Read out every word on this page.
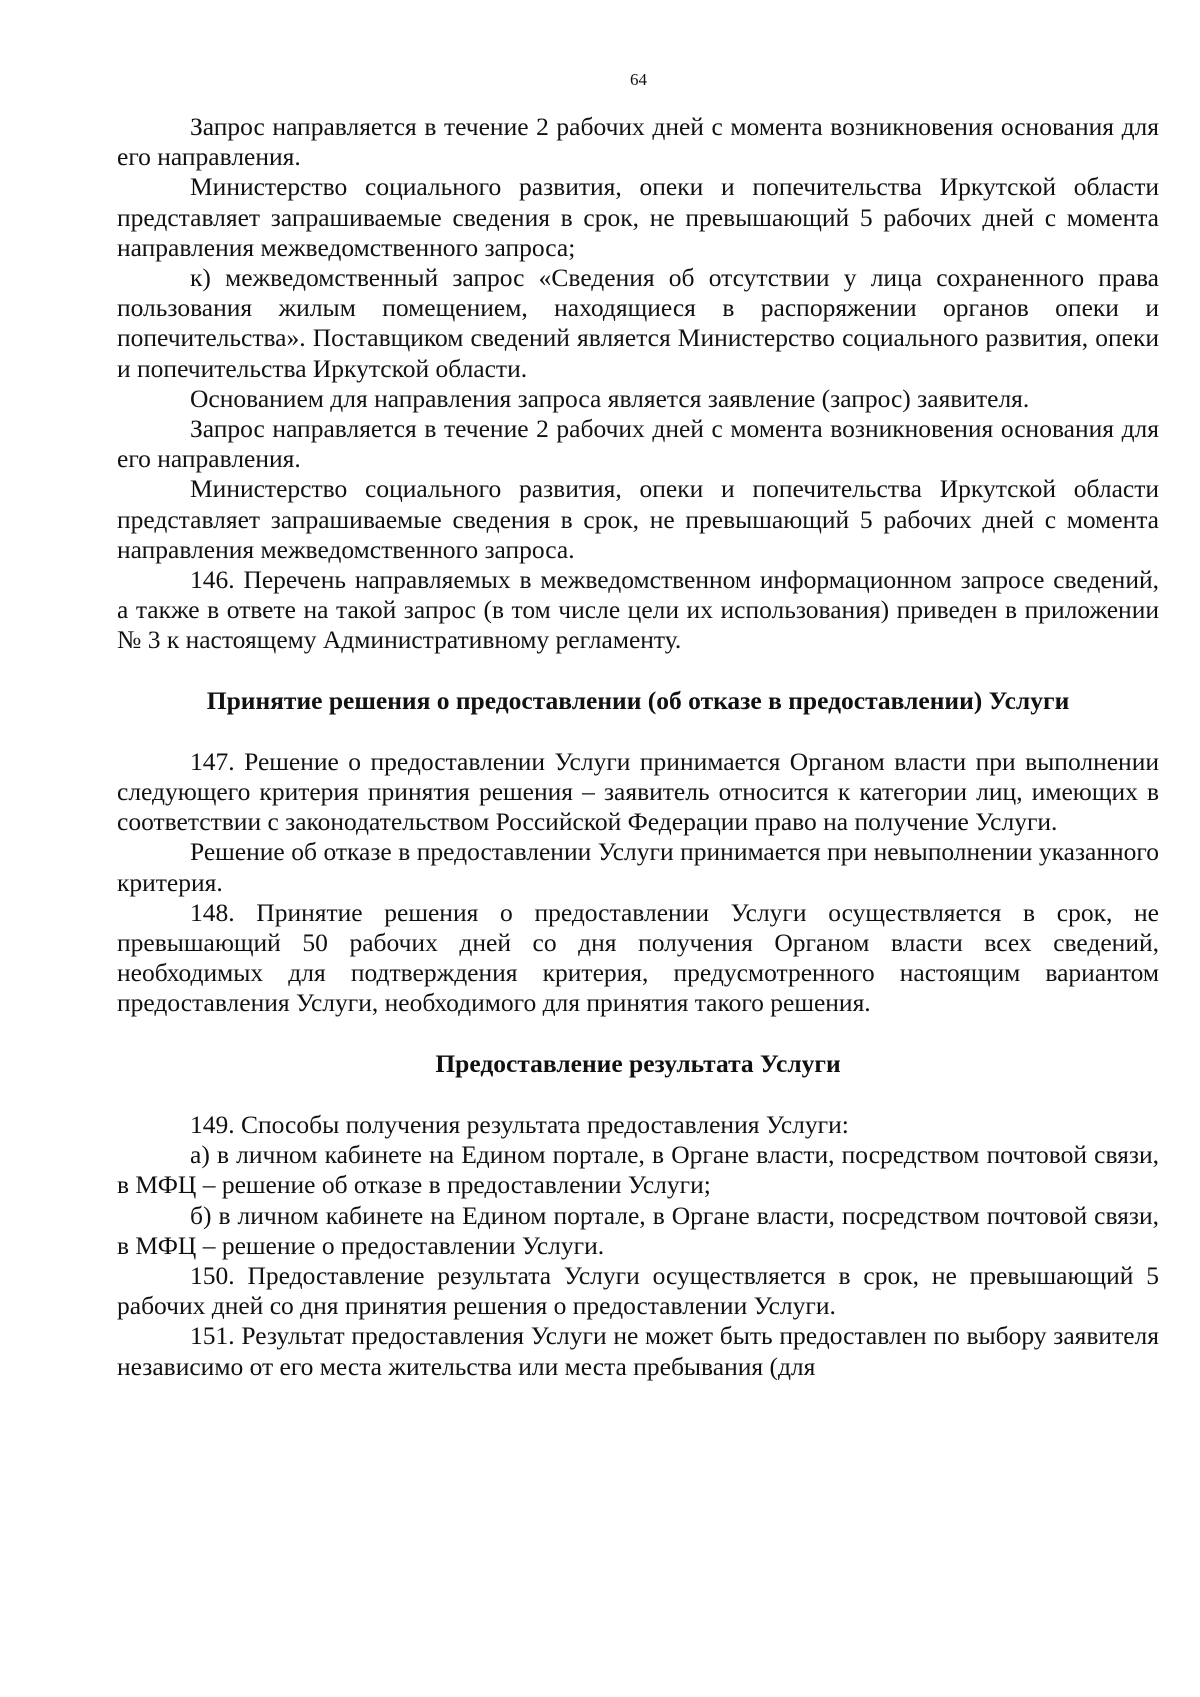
64

Запрос направляется в течение 2 рабочих дней с момента возникновения основания для его направления.

Министерство социального развития, опеки и попечительства Иркутской области представляет запрашиваемые сведения в срок, не превышающий 5 рабочих дней с момента направления межведомственного запроса;

к) межведомственный запрос «Сведения об отсутствии у лица сохраненного права пользования жилым помещением, находящиеся в распоряжении органов опеки и попечительства». Поставщиком сведений является Министерство социального развития, опеки и попечительства Иркутской области.

Основанием для направления запроса является заявление (запрос) заявителя.

Запрос направляется в течение 2 рабочих дней с момента возникновения основания для его направления.

Министерство социального развития, опеки и попечительства Иркутской области представляет запрашиваемые сведения в срок, не превышающий 5 рабочих дней с момента направления межведомственного запроса.

146. Перечень направляемых в межведомственном информационном запросе сведений, а также в ответе на такой запрос (в том числе цели их использования) приведен в приложении № 3 к настоящему Административному регламенту.

Принятие решения о предоставлении (об отказе в предоставлении) Услуги

147. Решение о предоставлении Услуги принимается Органом власти при выполнении следующего критерия принятия решения – заявитель относится к категории лиц, имеющих в соответствии с законодательством Российской Федерации право на получение Услуги.

Решение об отказе в предоставлении Услуги принимается при невыполнении указанного критерия.

148. Принятие решения о предоставлении Услуги осуществляется в срок, не превышающий 50 рабочих дней со дня получения Органом власти всех сведений, необходимых для подтверждения критерия, предусмотренного настоящим вариантом предоставления Услуги, необходимого для принятия такого решения.

Предоставление результата Услуги

149. Способы получения результата предоставления Услуги:

а) в личном кабинете на Едином портале, в Органе власти, посредством почтовой связи, в МФЦ – решение об отказе в предоставлении Услуги;

б) в личном кабинете на Едином портале, в Органе власти, посредством почтовой связи, в МФЦ – решение о предоставлении Услуги.

150. Предоставление результата Услуги осуществляется в срок, не превышающий 5 рабочих дней со дня принятия решения о предоставлении Услуги.

151. Результат предоставления Услуги не может быть предоставлен по выбору заявителя независимо от его места жительства или места пребывания (для
